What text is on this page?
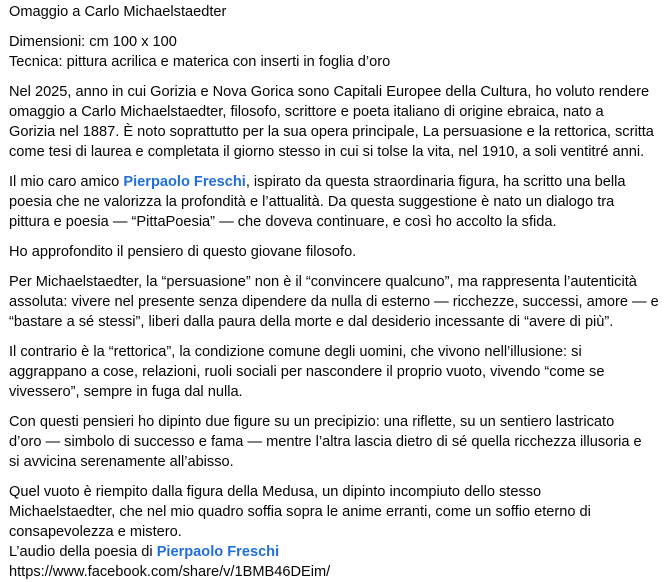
Omaggio a Carlo Michaelstaedter
Dimensioni: cm 100 x 100
Tecnica: pittura acrilica e materica con inserti in foglia d’oro
Nel 2025, anno in cui Gorizia e Nova Gorica sono Capitali Europee della Cultura, ho voluto rendere
omaggio a Carlo Michaelstaedter, filosofo, scrittore e poeta italiano di origine ebraica, nato a
Gorizia nel 1887. È noto soprattutto per la sua opera principale, La persuasione e la rettorica, scritta
come tesi di laurea e completata il giorno stesso in cui si tolse la vita, nel 1910, a soli ventitré anni.
Il mio caro amico Pierpaolo Freschi, ispirato da questa straordinaria figura, ha scritto una bella
poesia che ne valorizza la profondità e l’attualità. Da questa suggestione è nato un dialogo tra
pittura e poesia — “PittaPoesia” — che doveva continuare, e così ho accolto la sfida.
Ho approfondito il pensiero di questo giovane filosofo.
Per Michaelstaedter, la “persuasione” non è il “convincere qualcuno”, ma rappresenta l’autenticità
assoluta: vivere nel presente senza dipendere da nulla di esterno — ricchezze, successi, amore — e
“bastare a sé stessi”, liberi dalla paura della morte e dal desiderio incessante di “avere di più”.
Il contrario è la “rettorica”, la condizione comune degli uomini, che vivono nell’illusione: si
aggrappano a cose, relazioni, ruoli sociali per nascondere il proprio vuoto, vivendo “come se
vivessero”, sempre in fuga dal nulla.
Con questi pensieri ho dipinto due figure su un precipizio: una riflette, su un sentiero lastricato
d’oro — simbolo di successo e fama — mentre l’altra lascia dietro di sé quella ricchezza illusoria e
si avvicina serenamente all’abisso.
Quel vuoto è riempito dalla figura della Medusa, un dipinto incompiuto dello stesso
Michaelstaedter, che nel mio quadro soffia sopra le anime erranti, come un soffio eterno di
consapevolezza e mistero.
L’audio della poesia di Pierpaolo Freschi
https://www.facebook.com/share/v/1BMB46DEim/
